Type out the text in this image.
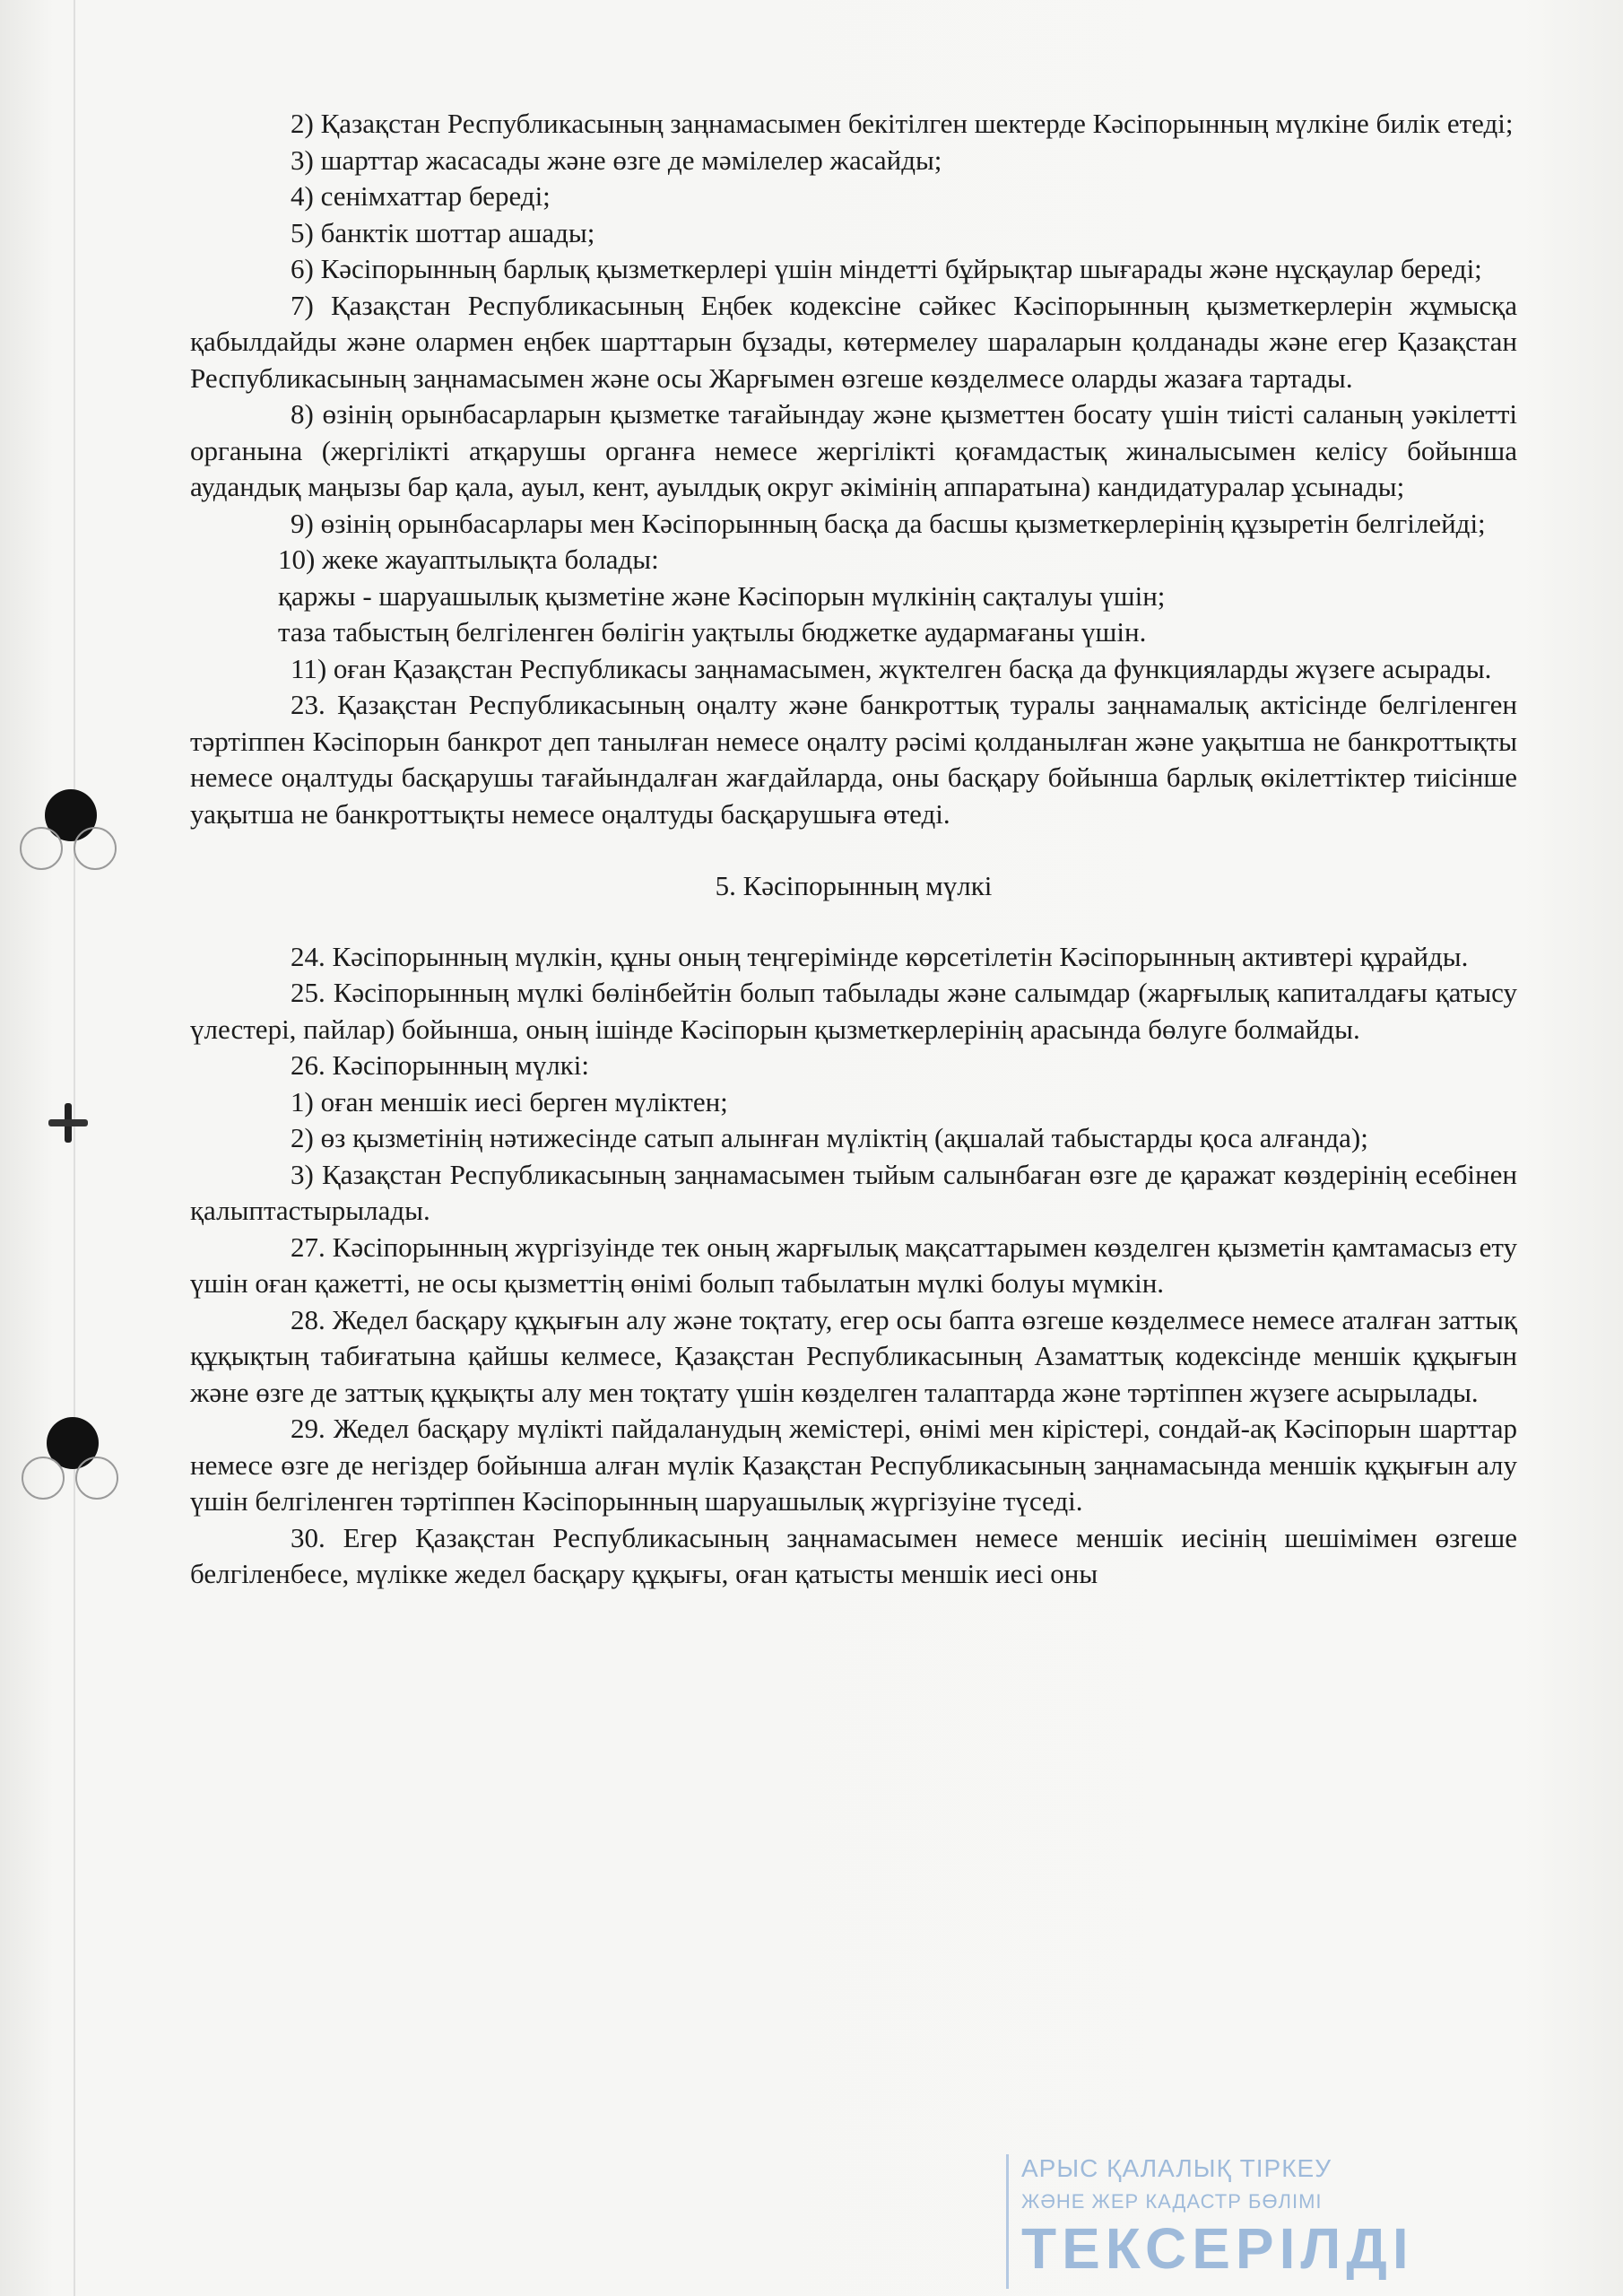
2) Қазақстан Республикасының заңнамасымен бекітілген шектерде Кәсіпорынның мүлкіне билік етеді;

3) шарттар жасасады және өзге де мәмілелер жасайды;

4) сенімхаттар береді;

5) банктік шоттар ашады;

6) Кәсіпорынның барлық қызметкерлері үшін міндетті бұйрықтар шығарады және нұсқаулар береді;

7) Қазақстан Республикасының Еңбек кодексіне сәйкес Кәсіпорынның қызметкерлерін жұмысқа қабылдайды және олармен еңбек шарттарын бұзады, көтермелеу шараларын қолданады және егер Қазақстан Республикасының заңнамасымен және осы Жарғымен өзгеше көзделмесе оларды жазаға тартады.

8) өзінің орынбасарларын қызметке тағайындау және қызметтен босату үшін тиісті саланың уәкілетті органына (жергілікті атқарушы органға немесе жергілікті қоғамдастық жиналысымен келісу бойынша аудандық маңызы бар қала, ауыл, кент, ауылдық округ әкімінің аппаратына) кандидатуралар ұсынады;

9) өзінің орынбасарлары мен Кәсіпорынның басқа да басшы қызметкерлерінің құзыретін белгілейді;

10) жеке жауаптылықта болады:

қаржы - шаруашылық қызметіне және Кәсіпорын мүлкінің сақталуы үшін;

таза табыстың белгіленген бөлігін уақтылы бюджетке аудармағаны үшін.

11) оған Қазақстан Республикасы заңнамасымен, жүктелген басқа да функцияларды жүзеге асырады.

23. Қазақстан Республикасының оңалту және банкроттық туралы заңнамалық актісінде белгіленген тәртіппен Кәсіпорын банкрот деп танылған немесе оңалту рәсімі қолданылған және уақытша не банкроттықты немесе оңалтуды басқарушы тағайындалған жағдайларда, оны басқару бойынша барлық өкілеттіктер тиісінше уақытша не банкроттықты немесе оңалтуды басқарушыға өтеді.

5. Кәсіпорынның мүлкі

24. Кәсіпорынның мүлкін, құны оның теңгерімінде көрсетілетін Кәсіпорынның активтері құрайды.

25. Кәсіпорынның мүлкі бөлінбейтін болып табылады және салымдар (жарғылық капиталдағы қатысу үлестері, пайлар) бойынша, оның ішінде Кәсіпорын қызметкерлерінің арасында бөлуге болмайды.

26. Кәсіпорынның мүлкі:

1) оған меншік иесі берген мүліктен;

2) өз қызметінің нәтижесінде сатып алынған мүліктің (ақшалай табыстарды қоса алғанда);

3) Қазақстан Республикасының заңнамасымен тыйым салынбаған өзге де қаражат көздерінің есебінен қалыптастырылады.

27. Кәсіпорынның жүргізуінде тек оның жарғылық мақсаттарымен көзделген қызметін қамтамасыз ету үшін оған қажетті, не осы қызметтің өнімі болып табылатын мүлкі болуы мүмкін.

28. Жедел басқару құқығын алу және тоқтату, егер осы бапта өзгеше көзделмесе немесе аталған заттық құқықтың табиғатына қайшы келмесе, Қазақстан Республикасының Азаматтық кодексінде меншік құқығын және өзге де заттық құқықты алу мен тоқтату үшін көзделген талаптарда және тәртіппен жүзеге асырылады.

29. Жедел басқару мүлікті пайдаланудың жемістері, өнімі мен кірістері, сондай-ақ Кәсіпорын шарттар немесе өзге де негіздер бойынша алған мүлік Қазақстан Республикасының заңнамасында меншік құқығын алу үшін белгіленген тәртіппен Кәсіпорынның шаруашылық жүргізуіне түседі.

30. Егер Қазақстан Республикасының заңнамасымен немесе меншік иесінің шешімімен өзгеше белгіленбесе, мүлікке жедел басқару құқығы, оған қатысты меншік иесі оны

АРЫС ҚАЛАЛЫҚ ТІРКЕУ
ЖӘНЕ ЖЕР КАДАСТР БӨЛІМІ
ТЕКСЕРІЛДІ
